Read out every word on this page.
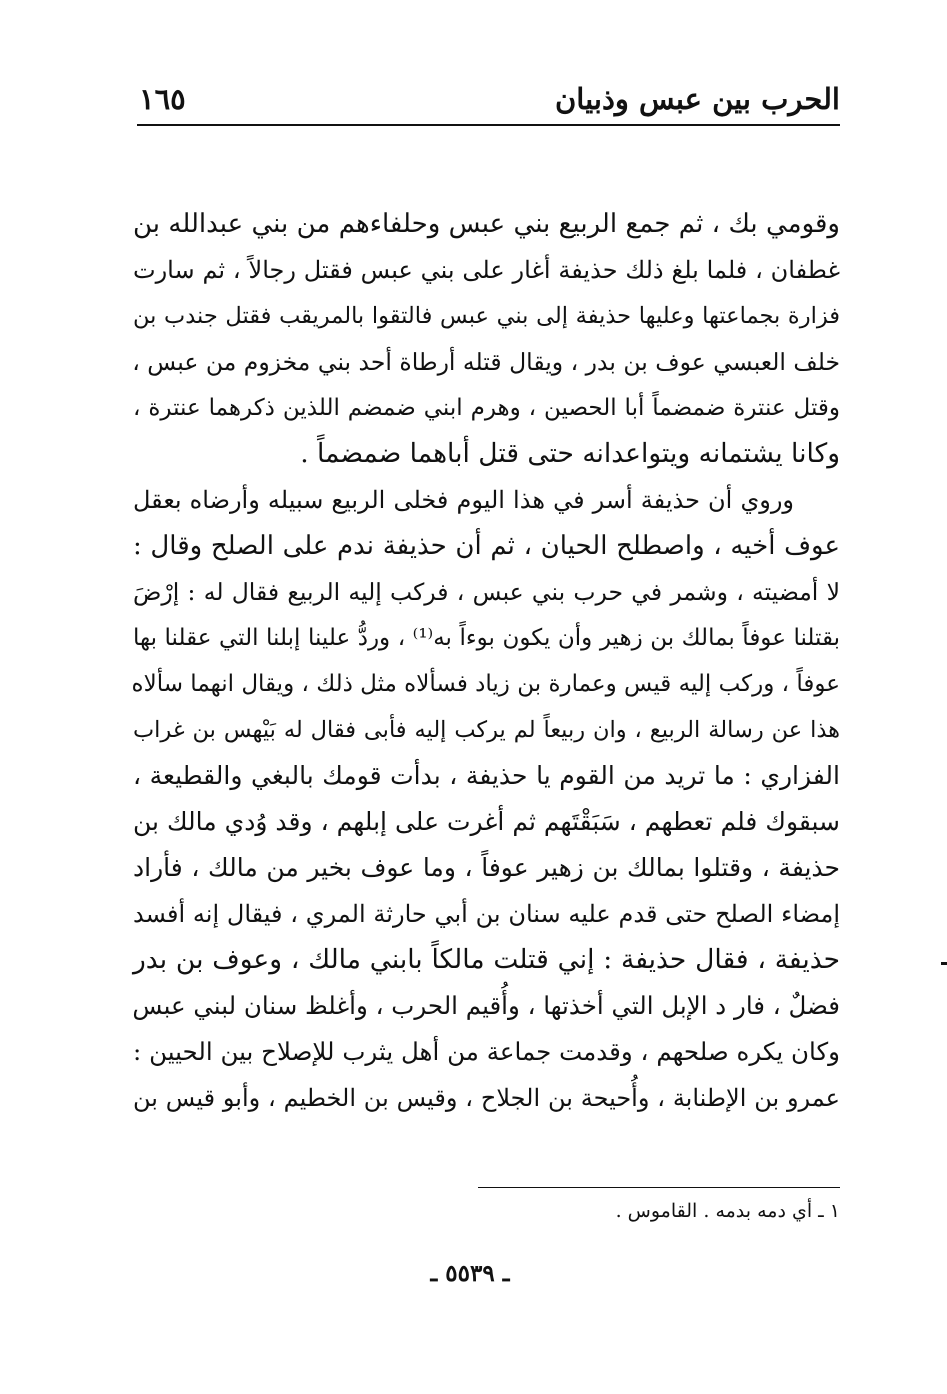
الحرب بين عبس وذبيان
١٦٥
وقومي بك ، ثم جمع الربيع بني عبس وحلفاءهم من بني عبدالله بن
غطفان ، فلما بلغ ذلك حذيفة أغار على بني عبس فقتل رجالاً ، ثم سارت
فزارة بجماعتها وعليها حذيفة إلى بني عبس فالتقوا بالمريقب فقتل جندب بن
خلف العبسي عوف بن بدر ، ويقال قتله أرطاة أحد بني مخزوم من عبس ،
وقتل عنترة ضمضماً أبا الحصين ، وهرم ابني ضمضم اللذين ذكرهما عنترة ،
وكانا يشتمانه ويتواعدانه حتى قتل أباهما ضمضماً .
وروي أن حذيفة أسر في هذا اليوم فخلى الربيع سبيله وأرضاه بعقل
عوف أخيه ، واصطلح الحيان ، ثم أن حذيفة ندم على الصلح وقال :
لا أمضيته ، وشمر في حرب بني عبس ، فركب إليه الربيع فقال له : إرْضَ
بقتلنا عوفاً بمالك بن زهير وأن يكون بوءاً به⁽¹⁾ ، وردُّ علينا إبلنا التي عقلنا بها
عوفاً ، وركب إليه قيس وعمارة بن زياد فسألاه مثل ذلك ، ويقال انهما سألاه
هذا عن رسالة الربيع ، وان ربيعاً لم يركب إليه فأبى فقال له بَيْهس بن غراب
الفزاري : ما تريد من القوم يا حذيفة ، بدأت قومك بالبغي والقطيعة ،
سبقوك فلم تعطهم ، سَبَقْتَهم ثم أغرت على إبلهم ، وقد وُدي مالك بن
حذيفة ، وقتلوا بمالك بن زهير عوفاً ، وما عوف بخير من مالك ، فأراد
إمضاء الصلح حتى قدم عليه سنان بن أبي حارثة المري ، فيقال إنه أفسد
حذيفة ، فقال حذيفة : إني قتلت مالكاً بابني مالك ، وعوف بن بدر
فضلٌ ، فار د الإبل التي أخذتها ، وأُقيم الحرب ، وأغلظ سنان لبني عبس
وكان يكره صلحهم ، وقدمت جماعة من أهل يثرب للإصلاح بين الحيين :
عمرو بن الإطنابة ، وأُحيحة بن الجلاح ، وقيس بن الخطيم ، وأبو قيس بن
١ ـ أي دمه بدمه . القاموس .
ـ ٥٥٣٩ ـ
